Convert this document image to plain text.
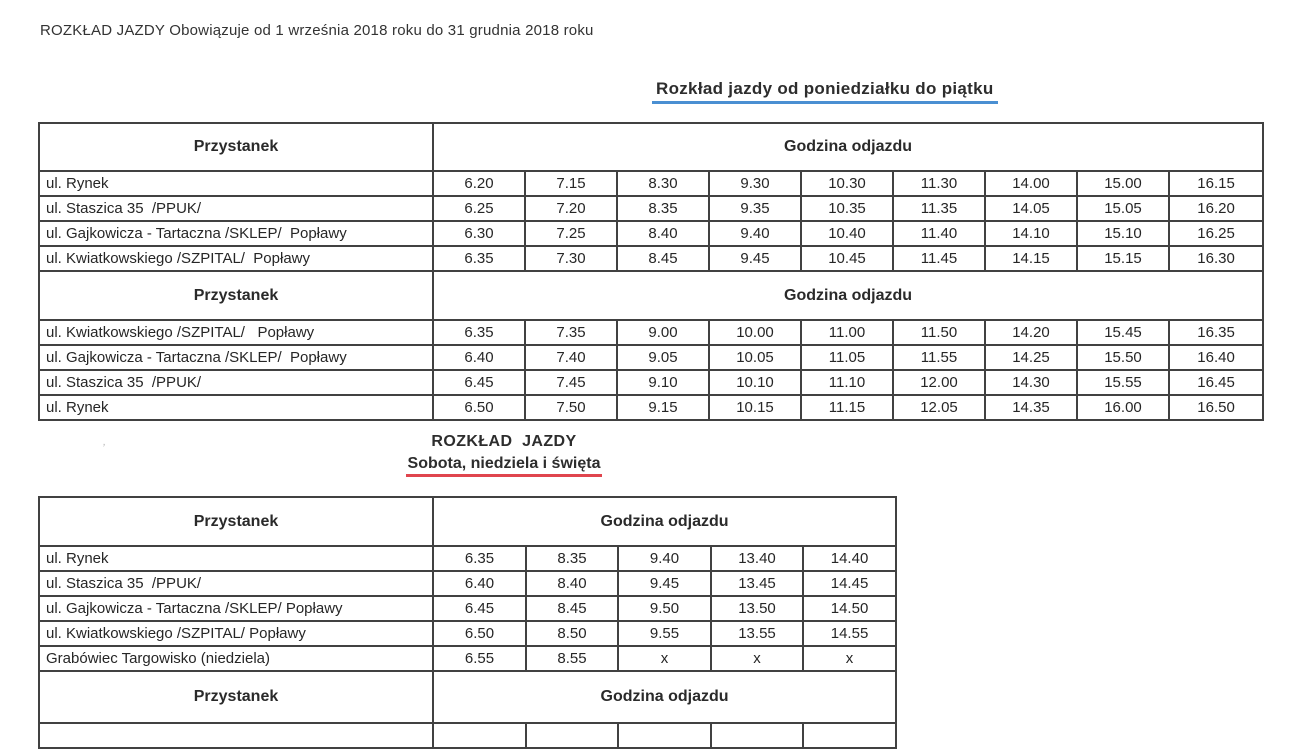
ROZKŁAD JAZDY Obowiązuje od 1 września 2018 roku do 31 grudnia 2018 roku
Rozkład jazdy od poniedziałku do piątku
Przystanek	Godzina odjazdu								
ul. Rynek	6.20	7.15	8.30	9.30	10.30	11.30	14.00	15.00	16.15
ul. Staszica 35  /PPUK/	6.25	7.20	8.35	9.35	10.35	11.35	14.05	15.05	16.20
ul. Gajkowicza - Tartaczna /SKLEP/  Popławy	6.30	7.25	8.40	9.40	10.40	11.40	14.10	15.10	16.25
ul. Kwiatkowskiego /SZPITAL/  Popławy	6.35	7.30	8.45	9.45	10.45	11.45	14.15	15.15	16.30
Przystanek	Godzina odjazdu								
ul. Kwiatkowskiego /SZPITAL/   Popławy	6.35	7.35	9.00	10.00	11.00	11.50	14.20	15.45	16.35
ul. Gajkowicza - Tartaczna /SKLEP/  Popławy	6.40	7.40	9.05	10.05	11.05	11.55	14.25	15.50	16.40
ul. Staszica 35  /PPUK/	6.45	7.45	9.10	10.10	11.10	12.00	14.30	15.55	16.45
ul. Rynek	6.50	7.50	9.15	10.15	11.15	12.05	14.35	16.00	16.50
’	ROZKŁAD  JAZDY
Sobota, niedziela i święta
Przystanek	Godzina odjazdu				
ul. Rynek	6.35	8.35	9.40	13.40	14.40
ul. Staszica 35  /PPUK/	6.40	8.40	9.45	13.45	14.45
ul. Gajkowicza - Tartaczna /SKLEP/ Popławy	6.45	8.45	9.50	13.50	14.50
ul. Kwiatkowskiego /SZPITAL/ Popławy	6.50	8.50	9.55	13.55	14.55
Grabówiec Targowisko (niedziela)	6.55	8.55	x	x	x
Przystanek	Godzina odjazdu				
